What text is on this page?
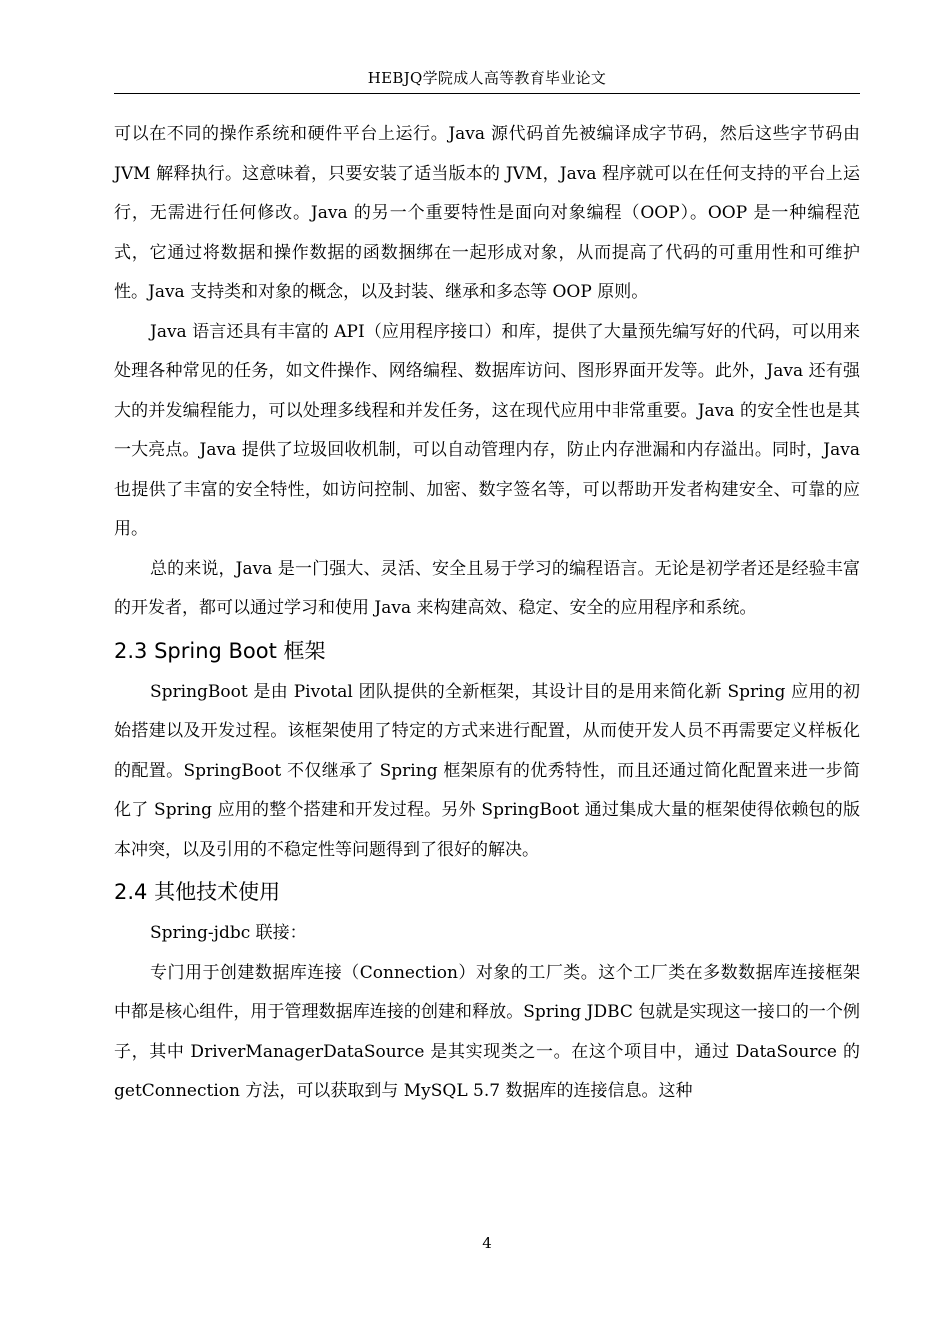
HEBJQ学院成人高等教育毕业论文

可以在不同的操作系统和硬件平台上运行。Java 源代码首先被编译成字节码，然后这些字节码由 JVM 解释执行。这意味着，只要安装了适当版本的 JVM，Java 程序就可以在任何支持的平台上运行，无需进行任何修改。Java 的另一个重要特性是面向对象编程（OOP）。OOP 是一种编程范式，它通过将数据和操作数据的函数捆绑在一起形成对象，从而提高了代码的可重用性和可维护性。Java 支持类和对象的概念，以及封装、继承和多态等 OOP 原则。

Java 语言还具有丰富的 API（应用程序接口）和库，提供了大量预先编写好的代码，可以用来处理各种常见的任务，如文件操作、网络编程、数据库访问、图形界面开发等。此外，Java 还有强大的并发编程能力，可以处理多线程和并发任务，这在现代应用中非常重要。Java 的安全性也是其一大亮点。Java 提供了垃圾回收机制，可以自动管理内存，防止内存泄漏和内存溢出。同时，Java 也提供了丰富的安全特性，如访问控制、加密、数字签名等，可以帮助开发者构建安全、可靠的应用。

总的来说，Java 是一门强大、灵活、安全且易于学习的编程语言。无论是初学者还是经验丰富的开发者，都可以通过学习和使用 Java 来构建高效、稳定、安全的应用程序和系统。

2.3 Spring Boot 框架

SpringBoot 是由 Pivotal 团队提供的全新框架，其设计目的是用来简化新 Spring 应用的初始搭建以及开发过程。该框架使用了特定的方式来进行配置，从而使开发人员不再需要定义样板化的配置。SpringBoot 不仅继承了 Spring 框架原有的优秀特性，而且还通过简化配置来进一步简化了 Spring 应用的整个搭建和开发过程。另外 SpringBoot 通过集成大量的框架使得依赖包的版本冲突，以及引用的不稳定性等问题得到了很好的解决。

2.4 其他技术使用

Spring-jdbc 联接：

专门用于创建数据库连接（Connection）对象的工厂类。这个工厂类在多数数据库连接框架中都是核心组件，用于管理数据库连接的创建和释放。Spring JDBC 包就是实现这一接口的一个例子，其中 DriverManagerDataSource 是其实现类之一。在这个项目中，通过 DataSource 的 getConnection 方法，可以获取到与 MySQL 5.7 数据库的连接信息。这种

4
